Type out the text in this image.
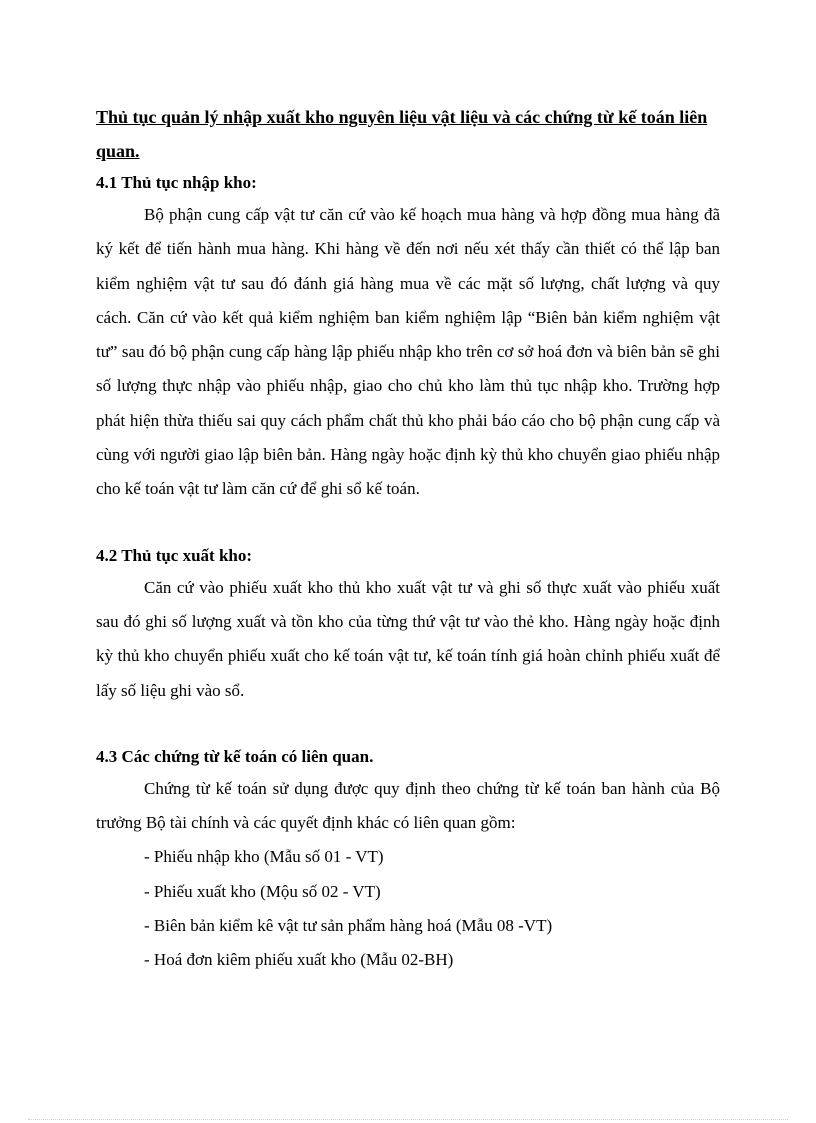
Thủ tục quản lý nhập xuất kho nguyên liệu vật liệu và các chứng từ kế toán liên quan.

4.1 Thủ tục nhập kho:

Bộ phận cung cấp vật tư căn cứ vào kế hoạch mua hàng và hợp đồng mua hàng đã ký kết để tiến hành mua hàng. Khi hàng về đến nơi nếu xét thấy cần thiết có thể lập ban kiểm nghiệm vật tư sau đó đánh giá hàng mua về các mặt số lượng, chất lượng và quy cách. Căn cứ vào kết quả kiểm nghiệm ban kiểm nghiệm lập “Biên bản kiểm nghiệm vật tư” sau đó bộ phận cung cấp hàng lập phiếu nhập kho trên cơ sở hoá đơn và biên bản sẽ ghi số lượng thực nhập vào phiếu nhập, giao cho chủ kho làm thủ tục nhập kho. Trường hợp phát hiện thừa thiếu sai quy cách phẩm chất thủ kho phải báo cáo cho bộ phận cung cấp và cùng với người giao lập biên bản. Hàng ngày hoặc định kỳ thủ kho chuyển giao phiếu nhập cho kế toán vật tư làm căn cứ để ghi sổ kế toán.

4.2 Thủ tục xuất kho:

Căn cứ vào phiếu xuất kho thủ kho xuất vật tư và ghi số thực xuất vào phiếu xuất sau đó ghi số lượng xuất và tồn kho của từng thứ vật tư vào thẻ kho. Hàng ngày hoặc định kỳ thủ kho chuyển phiếu xuất cho kế toán vật tư, kế toán tính giá hoàn chỉnh phiếu xuất để lấy số liệu ghi vào sổ.

4.3 Các chứng từ kế toán có liên quan.

Chứng từ kế toán sử dụng được quy định theo chứng từ kế toán ban hành của Bộ trưởng Bộ tài chính và các quyết định khác có liên quan gồm:

- Phiếu nhập kho (Mẫu số 01 - VT)
- Phiếu xuất kho (Mộu số 02 - VT)
- Biên bản kiểm kê vật tư sản phẩm hàng hoá (Mẫu 08 -VT)
- Hoá đơn kiêm phiếu xuất kho (Mẫu 02-BH)
